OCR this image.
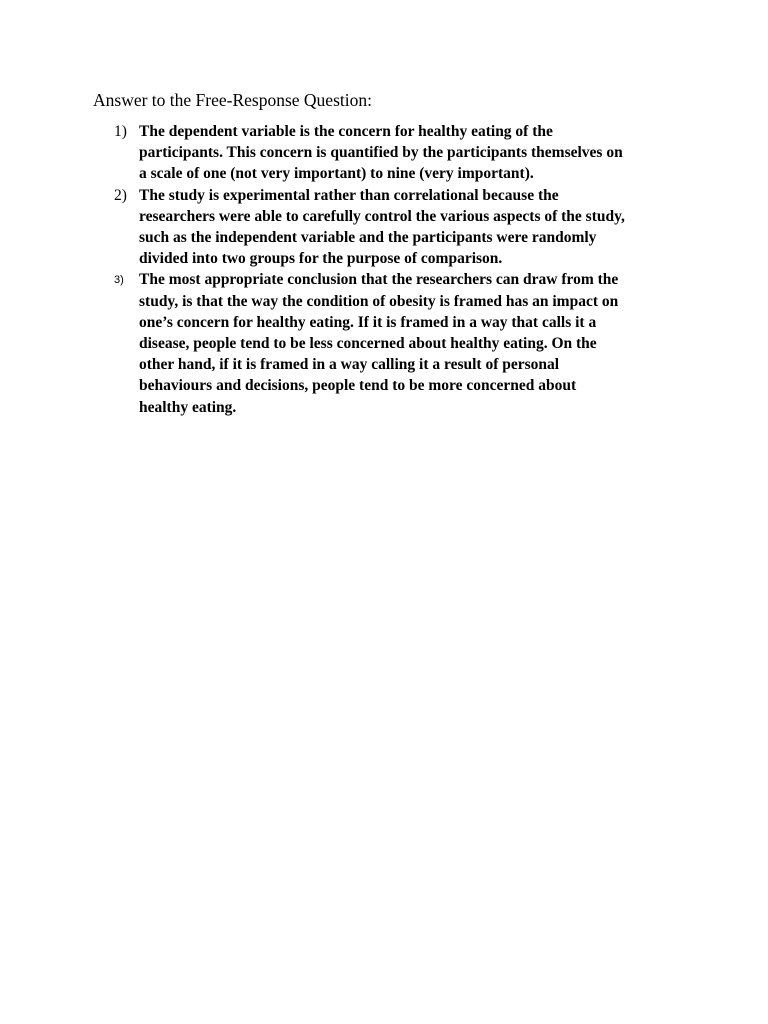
Answer to the Free-Response Question:
1) The dependent variable is the concern for healthy eating of the
participants. This concern is quantified by the participants themselves on
a scale of one (not very important) to nine (very important).
2) The study is experimental rather than correlational because the
researchers were able to carefully control the various aspects of the study,
such as the independent variable and the participants were randomly
divided into two groups for the purpose of comparison.
3) The most appropriate conclusion that the researchers can draw from the
study, is that the way the condition of obesity is framed has an impact on
one’s concern for healthy eating. If it is framed in a way that calls it a
disease, people tend to be less concerned about healthy eating. On the
other hand, if it is framed in a way calling it a result of personal
behaviours and decisions, people tend to be more concerned about
healthy eating.
